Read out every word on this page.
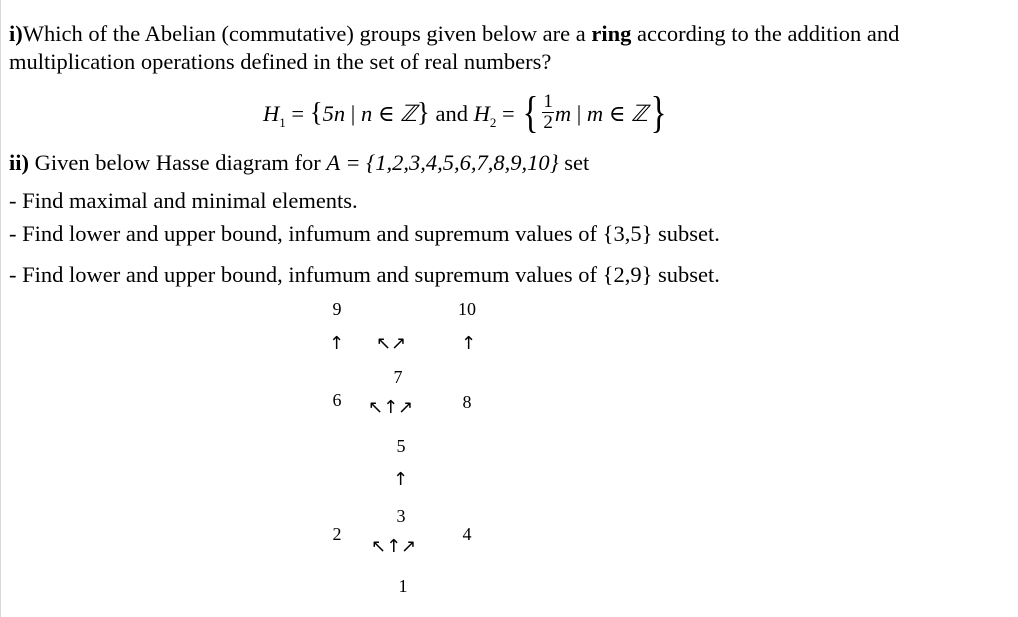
i)Which of the Abelian (commutative) groups given below are a ring according to the addition and
multiplication operations defined in the set of real numbers?
$H_1 = \{5n$ | n ∈ ℤ} and $H_2$ = { $\frac{1}{2}$ m | m ∈ ℤ}
ii) Given below Hasse diagram for A = {1,2,3,4,5,6,7,8,9,10} set
- Find maximal and minimal elements.
- Find lower and upper bound, infumum and supremum values of {3,5} subset.
- Find lower and upper bound, infumum and supremum values of {2,9} subset.
9	10
↑ ↖↗	↑
7
6	8
↖↑↗
5
↑
3
2	4
↖↑↗
1
